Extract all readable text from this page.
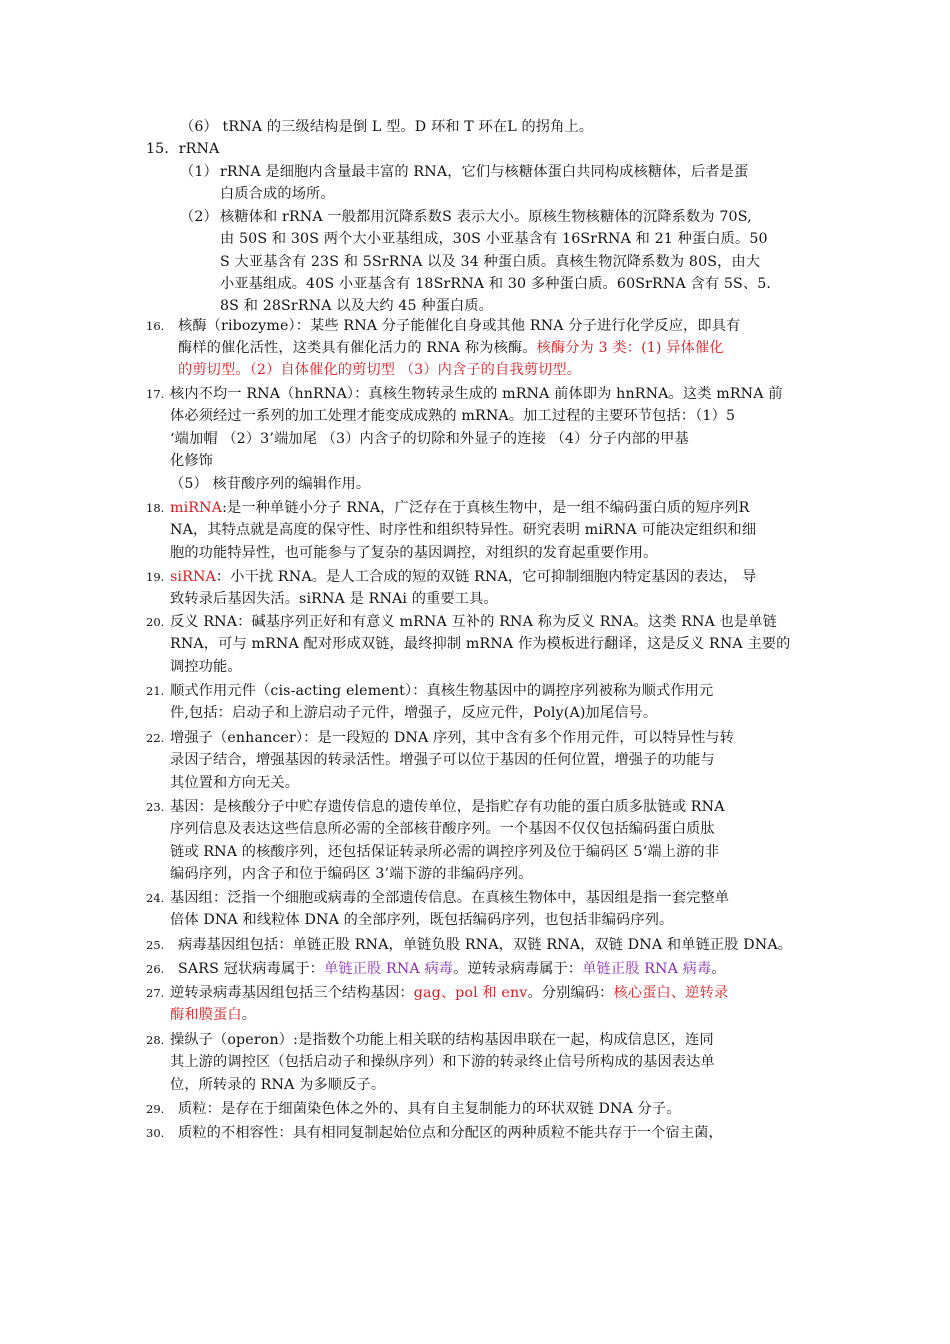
（6） tRNA 的三级结构是倒 L 型。D 环和 T 环在L 的拐角上。
15．rRNA
（1） rRNA 是细胞内含量最丰富的 RNA，它们与核糖体蛋白共同构成核糖体，后者是蛋
白质合成的场所。
（2） 核糖体和 rRNA 一般都用沉降系数S 表示大小。原核生物核糖体的沉降系数为 70S,
由 50S 和 30S 两个大小亚基组成，30S 小亚基含有 16SrRNA 和 21 种蛋白质。50
S 大亚基含有 23S 和 5SrRNA 以及 34 种蛋白质。真核生物沉降系数为 80S，由大
小亚基组成。40S 小亚基含有 18SrRNA 和 30 多种蛋白质。60SrRNA 含有 5S、5.
8S 和 28SrRNA 以及大约 45 种蛋白质。
16. 核酶（ribozyme）：某些 RNA 分子能催化自身或其他 RNA 分子进行化学反应，即具有
酶样的催化活性，这类具有催化活力的 RNA 称为核酶。核酶分为 3 类：(1) 异体催化
的剪切型。（2）自体催化的剪切型 （3）内含子的自我剪切型。
17. 核内不均一 RNA（hnRNA）：真核生物转录生成的 mRNA 前体即为 hnRNA。这类 mRNA 前
体必须经过一系列的加工处理才能变成成熟的 mRNA。加工过程的主要环节包括：（1）5
‘端加帽 （2）3’端加尾 （3）内含子的切除和外显子的连接 （4）分子内部的甲基
化修饰
（5） 核苷酸序列的编辑作用。
18. miRNA:是一种单链小分子 RNA，广泛存在于真核生物中，是一组不编码蛋白质的短序列R
NA，其特点就是高度的保守性、时序性和组织特异性。研究表明 miRNA 可能决定组织和细
胞的功能特异性，也可能参与了复杂的基因调控，对组织的发育起重要作用。
19. siRNA：小干扰 RNA。是人工合成的短的双链 RNA，它可抑制细胞内特定基因的表达， 导
致转录后基因失活。siRNA 是 RNAi 的重要工具。
20. 反义 RNA：碱基序列正好和有意义 mRNA 互补的 RNA 称为反义 RNA。这类 RNA 也是单链
RNA，可与 mRNA 配对形成双链，最终抑制 mRNA 作为模板进行翻译，这是反义 RNA 主要的
调控功能。
21. 顺式作用元件（cis-acting element）：真核生物基因中的调控序列被称为顺式作用元
件,包括：启动子和上游启动子元件，增强子，反应元件，Poly(A)加尾信号。
22. 增强子（enhancer）：是一段短的 DNA 序列，其中含有多个作用元件，可以特异性与转
录因子结合，增强基因的转录活性。增强子可以位于基因的任何位置，增强子的功能与
其位置和方向无关。
23. 基因：是核酸分子中贮存遗传信息的遗传单位，是指贮存有功能的蛋白质多肽链或 RNA
序列信息及表达这些信息所必需的全部核苷酸序列。一个基因不仅仅包括编码蛋白质肽
链或 RNA 的核酸序列，还包括保证转录所必需的调控序列及位于编码区 5‘端上游的非
编码序列，内含子和位于编码区 3’端下游的非编码序列。
24. 基因组：泛指一个细胞或病毒的全部遗传信息。在真核生物体中，基因组是指一套完整单
倍体 DNA 和线粒体 DNA 的全部序列，既包括编码序列，也包括非编码序列。
25. 病毒基因组包括：单链正股 RNA，单链负股 RNA，双链 RNA，双链 DNA 和单链正股 DNA。
26. SARS 冠状病毒属于：单链正股 RNA 病毒。逆转录病毒属于：单链正股 RNA 病毒。
27. 逆转录病毒基因组包括三个结构基因：gag、pol 和 env。分别编码：核心蛋白、逆转录
酶和膜蛋白。
28. 操纵子（operon）:是指数个功能上相关联的结构基因串联在一起，构成信息区，连同
其上游的调控区（包括启动子和操纵序列）和下游的转录终止信号所构成的基因表达单
位，所转录的 RNA 为多顺反子。
29. 质粒：是存在于细菌染色体之外的、具有自主复制能力的环状双链 DNA 分子。
30. 质粒的不相容性：具有相同复制起始位点和分配区的两种质粒不能共存于一个宿主菌，
